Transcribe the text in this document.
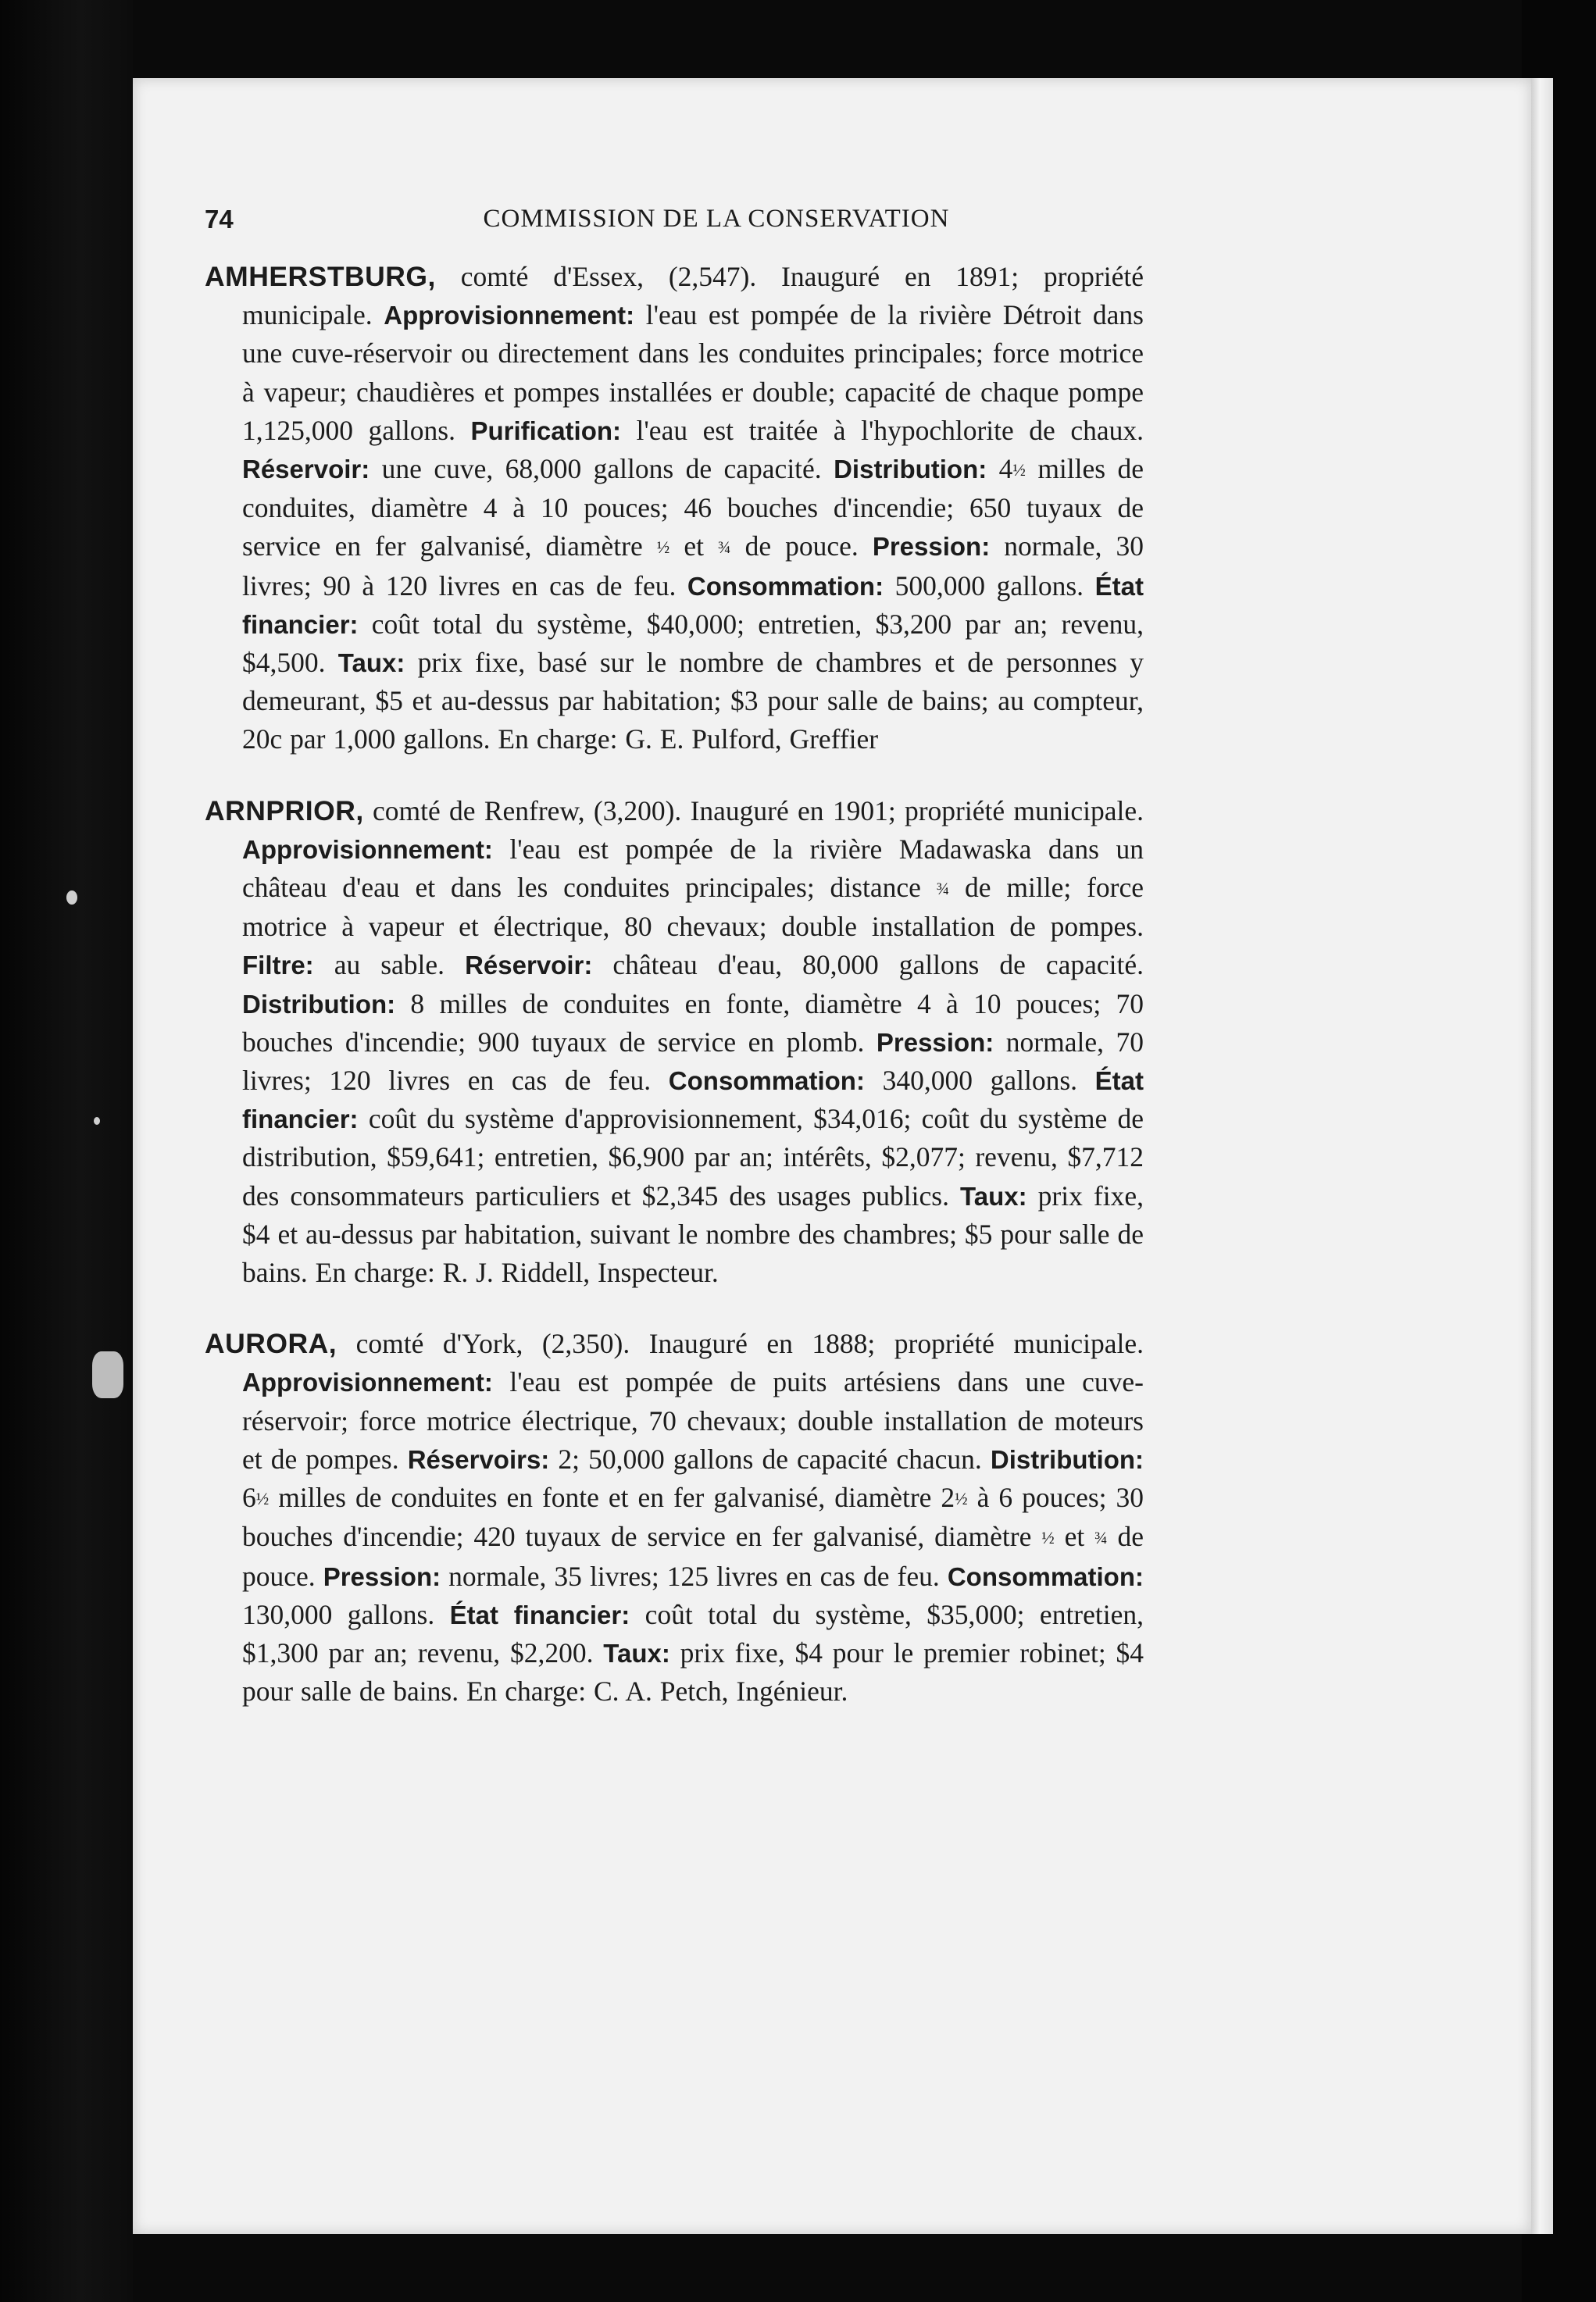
74	COMMISSION DE LA CONSERVATION

AMHERSTBURG, comté d'Essex, (2,547). Inauguré en 1891; propriété municipale. Approvisionnement: l'eau est pompée de la rivière Détroit dans une cuve-réservoir ou directement dans les conduites principales; force motrice à vapeur; chaudières et pompes installées er double; capacité de chaque pompe 1,125,000 gallons. Purification: l'eau est traitée à l'hypochlorite de chaux. Réservoir: une cuve, 68,000 gallons de capacité. Distribution: 4½ milles de conduites, diamètre 4 à 10 pouces; 46 bouches d'incendie; 650 tuyaux de service en fer galvanisé, diamètre ½ et ¾ de pouce. Pression: normale, 30 livres; 90 à 120 livres en cas de feu. Consommation: 500,000 gallons. État financier: coût total du système, $40,000; entretien, $3,200 par an; revenu, $4,500. Taux: prix fixe, basé sur le nombre de chambres et de personnes y demeurant, $5 et au-dessus par habitation; $3 pour salle de bains; au compteur, 20c par 1,000 gallons. En charge: G. E. Pulford, Greffier

ARNPRIOR, comté de Renfrew, (3,200). Inauguré en 1901; propriété municipale. Approvisionnement: l'eau est pompée de la rivière Madawaska dans un château d'eau et dans les conduites principales; distance ¾ de mille; force motrice à vapeur et électrique, 80 chevaux; double installation de pompes. Filtre: au sable. Réservoir: château d'eau, 80,000 gallons de capacité. Distribution: 8 milles de conduites en fonte, diamètre 4 à 10 pouces; 70 bouches d'incendie; 900 tuyaux de service en plomb. Pression: normale, 70 livres; 120 livres en cas de feu. Consommation: 340,000 gallons. État financier: coût du système d'approvisionnement, $34,016; coût du système de distribution, $59,641; entretien, $6,900 par an; intérêts, $2,077; revenu, $7,712 des consommateurs particuliers et $2,345 des usages publics. Taux: prix fixe, $4 et au-dessus par habitation, suivant le nombre des chambres; $5 pour salle de bains. En charge: R. J. Riddell, Inspecteur.

AURORA, comté d'York, (2,350). Inauguré en 1888; propriété municipale. Approvisionnement: l'eau est pompée de puits artésiens dans une cuve-réservoir; force motrice électrique, 70 chevaux; double installation de moteurs et de pompes. Réservoirs: 2; 50,000 gallons de capacité chacun. Distribution: 6½ milles de conduites en fonte et en fer galvanisé, diamètre 2½ à 6 pouces; 30 bouches d'incendie; 420 tuyaux de service en fer galvanisé, diamètre ½ et ¾ de pouce. Pression: normale, 35 livres; 125 livres en cas de feu. Consommation: 130,000 gallons. État financier: coût total du système, $35,000; entretien, $1,300 par an; revenu, $2,200. Taux: prix fixe, $4 pour le premier robinet; $4 pour salle de bains. En charge: C. A. Petch, Ingénieur.
